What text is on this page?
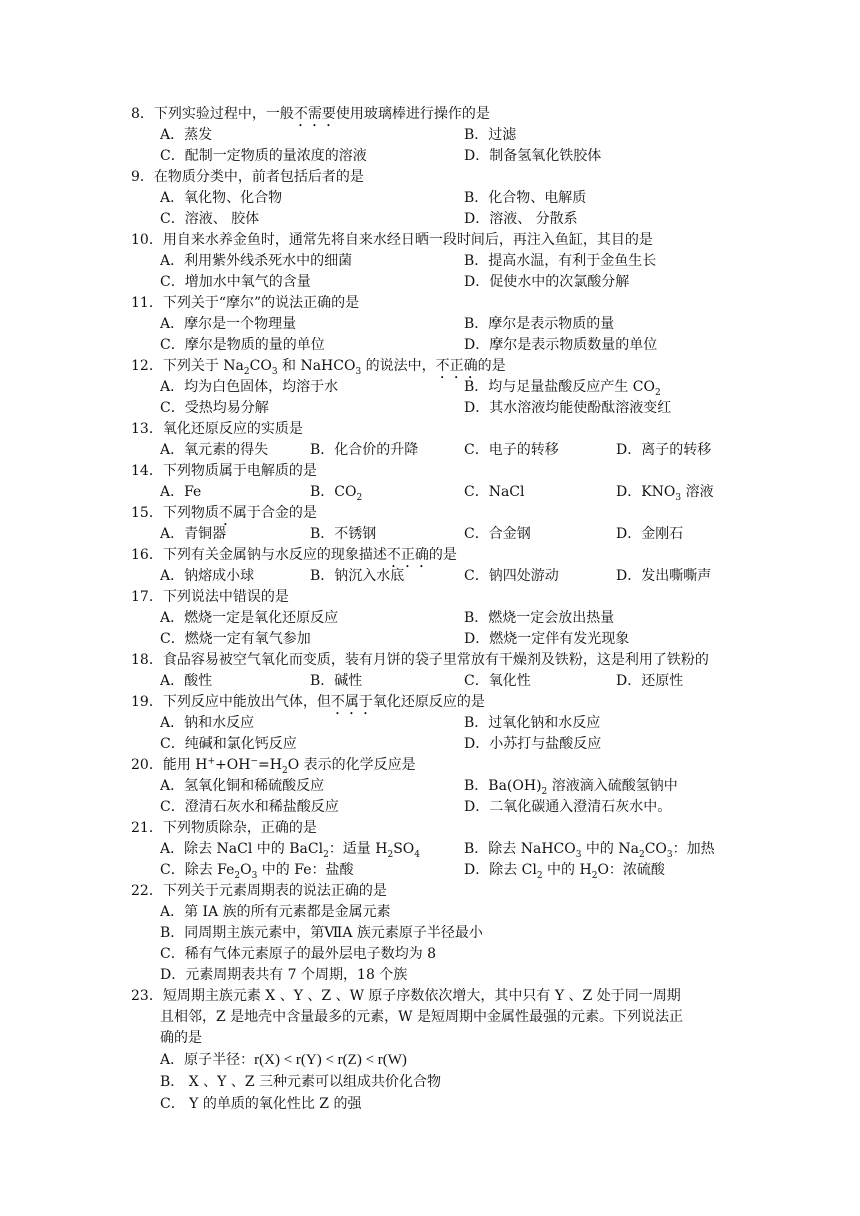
8．下列实验过程中，一般不需要使用玻璃棒进行操作的是
A．蒸发	B．过滤
C．配制一定物质的量浓度的溶液	D．制备氢氧化铁胶体
9．在物质分类中，前者包括后者的是
A．氧化物、化合物	B．化合物、电解质
C．溶液、 胶体	D．溶液、 分散系
10．用自来水养金鱼时，通常先将自来水经日晒一段时间后，再注入鱼缸，其目的是
A．利用紫外线杀死水中的细菌	B．提高水温，有利于金鱼生长
C．增加水中氧气的含量	D．促使水中的次氯酸分解
11．下列关于“摩尔”的说法正确的是
A．摩尔是一个物理量	B．摩尔是表示物质的量
C．摩尔是物质的量的单位	D．摩尔是表示物质数量的单位
12．下列关于 $Na_2CO_3$ 和 NaHCO$_3$ 的说法中，不正确的是
A．均为白色固体，均溶于水	B．均与足量盐酸反应产生 $CO_2$
C．受热均易分解	D．其水溶液均能使酚酞溶液变红
13．氧化还原反应的实质是
A．氧元素的得失	B．化合价的升降	C．电子的转移	D．离子的转移
14．下列物质属于电解质的是
A．Fe	B．$CO_2$	C．NaCl	D．$KNO_3$ 溶液
15．下列物质不属于合金的是
A．青铜器	B．不锈钢	C．合金钢	D．金刚石
16．下列有关金属钠与水反应的现象描述不正确的是
A．钠熔成小球	B．钠沉入水底	C．钠四处游动	D．发出嘶嘶声
17．下列说法中错误的是
A．燃烧一定是氧化还原反应	B．燃烧一定会放出热量
C．燃烧一定有氧气参加	D．燃烧一定伴有发光现象
18．食品容易被空气氧化而变质，装有月饼的袋子里常放有干燥剂及铁粉，这是利用了铁粉的
A．酸性	B．碱性	C．氧化性	D．还原性
19．下列反应中能放出气体，但不属于氧化还原反应的是
A．钠和水反应	B．过氧化钠和水反应
C．纯碱和氯化钙反应	D．小苏打与盐酸反应
20．能用 $H^++OH^-=H_2O$ 表示的化学反应是
A．氢氧化铜和稀硫酸反应	B．$Ba(OH)_2$ 溶液滴入硫酸氢钠中
C．澄清石灰水和稀盐酸反应	D．二氧化碳通入澄清石灰水中。
21．下列物质除杂，正确的是
A．除去 NaCl 中的 BaCl$_2$：适量 $H_2SO_4$	B．除去 NaHCO$_3$ 中的 $Na_2CO_3$：加热
C．除去 $Fe_2O_3$ 中的 Fe：盐酸	D．除去 $Cl_2$ 中的 $H_2O$：浓硫酸
22．下列关于元素周期表的说法正确的是
A．第 IA 族的所有元素都是金属元素
B．同周期主族元素中，第ⅦA 族元素原子半径最小
C．稀有气体元素原子的最外层电子数均为 8
D．元素周期表共有 7 个周期，18 个族
23．短周期主族元素 X 、Y 、Z 、W 原子序数依次增大，其中只有 Y 、Z 处于同一周期
且相邻，Z 是地壳中含量最多的元素，W 是短周期中金属性最强的元素。下列说法正
确的是
A．原子半径：r(X) < r(Y) < r(Z) < r(W)
B． X 、Y 、Z 三种元素可以组成共价化合物
C． Y 的单质的氧化性比 Z 的强
